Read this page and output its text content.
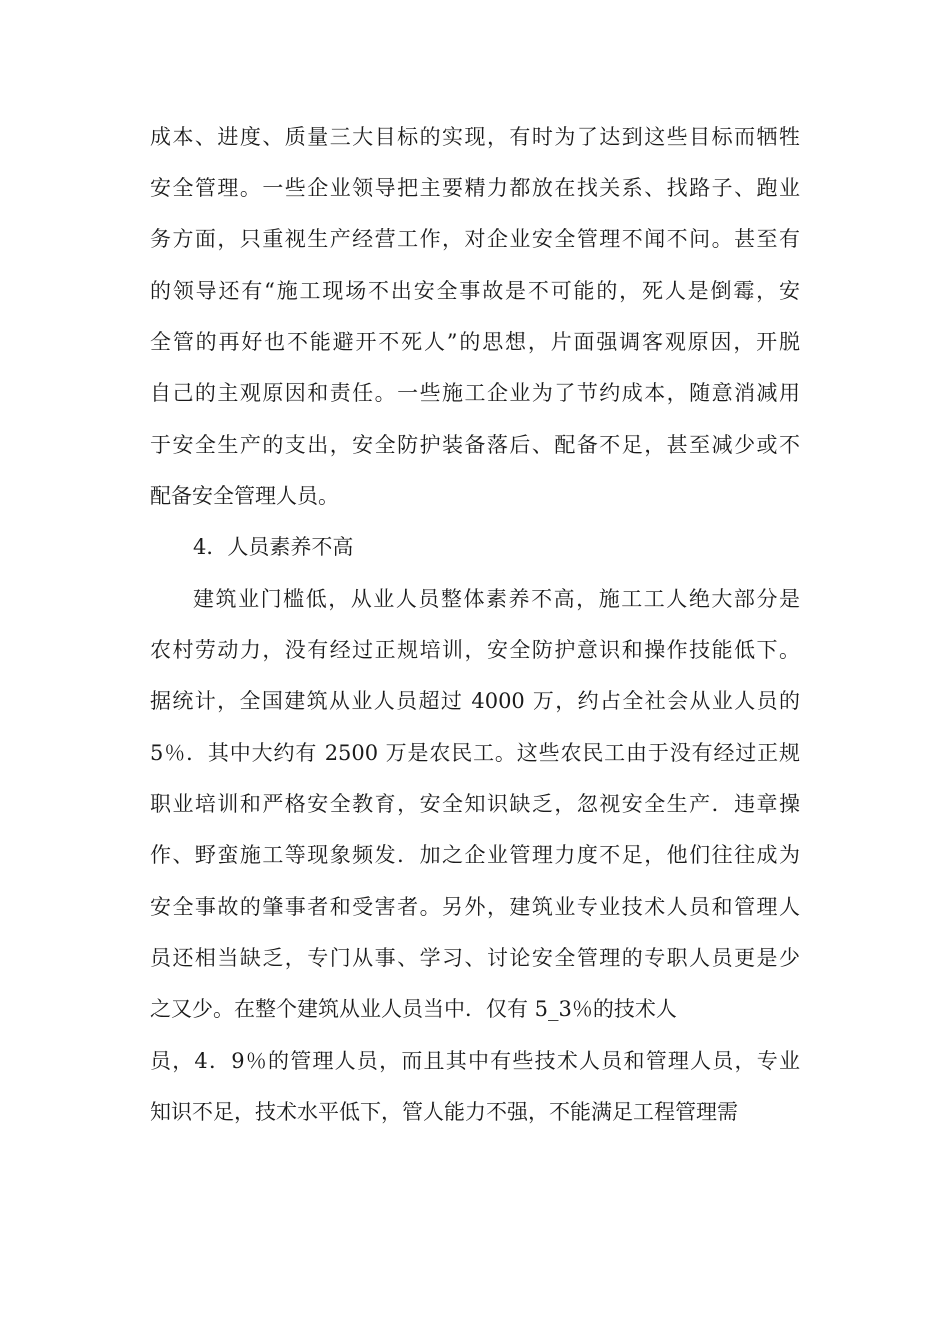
成本、进度、质量三大目标的实现，有时为了达到这些目标而牺牲
安全管理。一些企业领导把主要精力都放在找关系、找路子、跑业
务方面，只重视生产经营工作，对企业安全管理不闻不问。甚至有
的领导还有“施工现场不出安全事故是不可能的，死人是倒霉，安
全管的再好也不能避开不死人”的思想，片面强调客观原因，开脱
自己的主观原因和责任。一些施工企业为了节约成本，随意消减用
于安全生产的支出，安全防护装备落后、配备不足，甚至减少或不
配备安全管理人员。
4．人员素养不高
建筑业门槛低，从业人员整体素养不高，施工工人绝大部分是
农村劳动力，没有经过正规培训，安全防护意识和操作技能低下。
据统计，全国建筑从业人员超过 4000 万，约占全社会从业人员的
5％．其中大约有 2500 万是农民工。这些农民工由于没有经过正规
职业培训和严格安全教育，安全知识缺乏，忽视安全生产．违章操
作、野蛮施工等现象频发．加之企业管理力度不足，他们往往成为
安全事故的肇事者和受害者。另外，建筑业专业技术人员和管理人
员还相当缺乏，专门从事、学习、讨论安全管理的专职人员更是少
之又少。在整个建筑从业人员当中．仅有 5_3％的技术人
员，4．9％的管理人员，而且其中有些技术人员和管理人员，专业
知识不足，技术水平低下，管人能力不强，不能满足工程管理需
